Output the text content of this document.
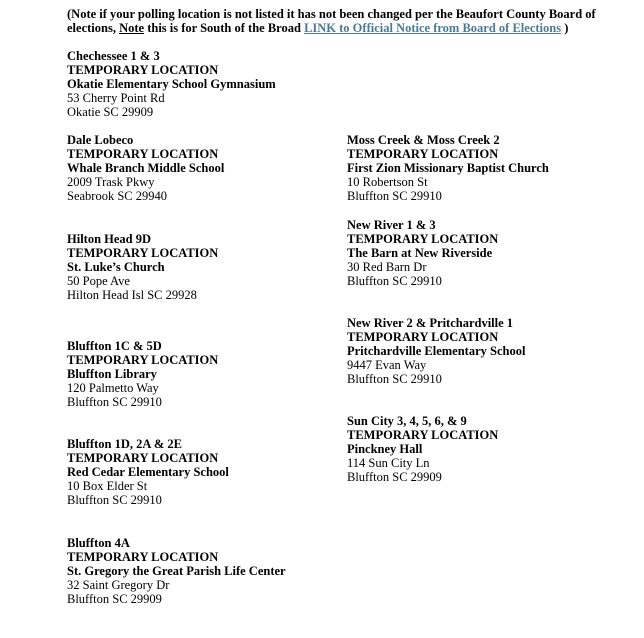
(Note if your polling location is not listed it has not been changed per the Beaufort County Board of elections, Note this is for South of the Broad LINK to Official Notice from Board of Elections )
Chechessee 1 & 3
TEMPORARY LOCATION
Okatie Elementary School Gymnasium
53 Cherry Point Rd
Okatie SC 29909
Dale Lobeco
TEMPORARY LOCATION
Whale Branch Middle School
2009 Trask Pkwy
Seabrook SC 29940
Hilton Head 9D
TEMPORARY LOCATION
St. Luke’s Church
50 Pope Ave
Hilton Head Isl SC 29928
Bluffton 1C & 5D
TEMPORARY LOCATION
Bluffton Library
120 Palmetto Way
Bluffton SC 29910
Bluffton 1D, 2A & 2E
TEMPORARY LOCATION
Red Cedar Elementary School
10 Box Elder St
Bluffton SC 29910
Bluffton 4A
TEMPORARY LOCATION
St. Gregory the Great Parish Life Center
32 Saint Gregory Dr
Bluffton SC 29909
Moss Creek & Moss Creek 2
TEMPORARY LOCATION
First Zion Missionary Baptist Church
10 Robertson St
Bluffton SC 29910
New River 1 & 3
TEMPORARY LOCATION
The Barn at New Riverside
30 Red Barn Dr
Bluffton SC 29910
New River 2 & Pritchardville 1
TEMPORARY LOCATION
Pritchardville Elementary School
9447 Evan Way
Bluffton SC 29910
Sun City 3, 4, 5, 6, & 9
TEMPORARY LOCATION
Pinckney Hall
114 Sun City Ln
Bluffton SC 29909
